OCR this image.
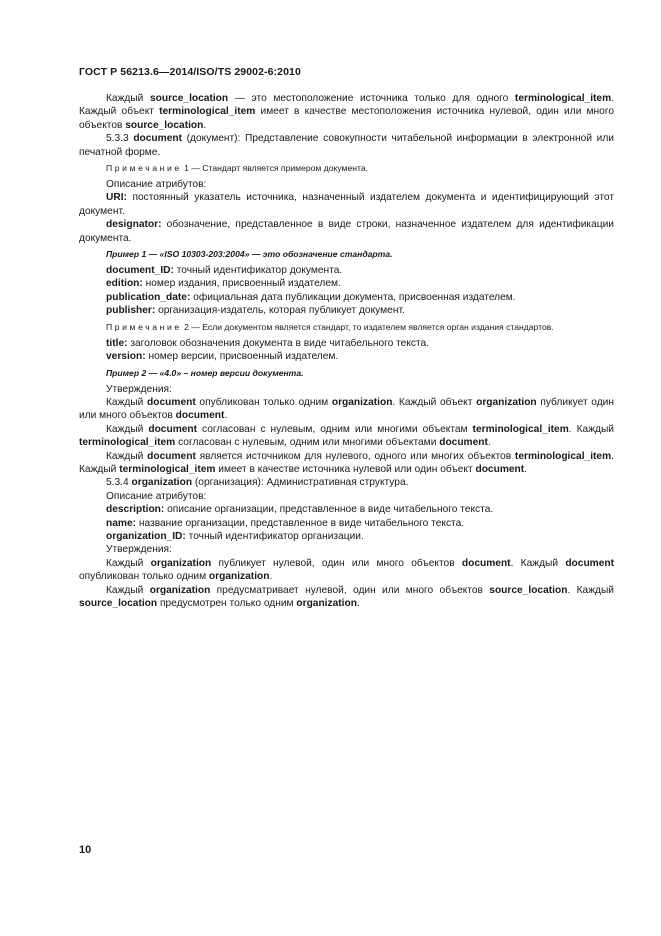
ГОСТ Р 56213.6—2014/ISO/TS 29002-6:2010

Каждый source_location — это местоположение источника только для одного terminological_item. Каждый объект terminological_item имеет в качестве местоположения источника нулевой, один или много объектов source_location.

5.3.3 document (документ): Представление совокупности читабельной информации в электронной или печатной форме.

Примечание 1 — Стандарт является примером документа.

Описание атрибутов:

URI: постоянный указатель источника, назначенный издателем документа и идентифицирующий этот документ.

designator: обозначение, представленное в виде строки, назначенное издателем для идентификации документа.

Пример 1 — «ISO 10303-203:2004» — это обозначение стандарта.

document_ID: точный идентификатор документа.

edition: номер издания, присвоенный издателем.

publication_date: официальная дата публикации документа, присвоенная издателем.

publisher: организация-издатель, которая публикует документ.

Примечание 2 — Если документом является стандарт, то издателем является орган издания стандартов.

title: заголовок обозначения документа в виде читабельного текста.

version: номер версии, присвоенный издателем.

Пример 2 — «4.0» – номер версии документа.

Утверждения:

Каждый document опубликован только одним organization. Каждый объект organization публикует один или много объектов document.

Каждый document согласован с нулевым, одним или многими объектам terminological_item. Каждый terminological_item согласован с нулевым, одним или многими объектами document.

Каждый document является источником для нулевого, одного или многих объектов terminological_item. Каждый terminological_item имеет в качестве источника нулевой или один объект document.

5.3.4 organization (организация): Административная структура.

Описание атрибутов:

description: описание организации, представленное в виде читабельного текста.

name: название организации, представленное в виде читабельного текста.

organization_ID: точный идентификатор организации.

Утверждения:

Каждый organization публикует нулевой, один или много объектов document. Каждый document опубликован только одним organization.

Каждый organization предусматривает нулевой, один или много объектов source_location. Каждый source_location предусмотрен только одним organization.

10
